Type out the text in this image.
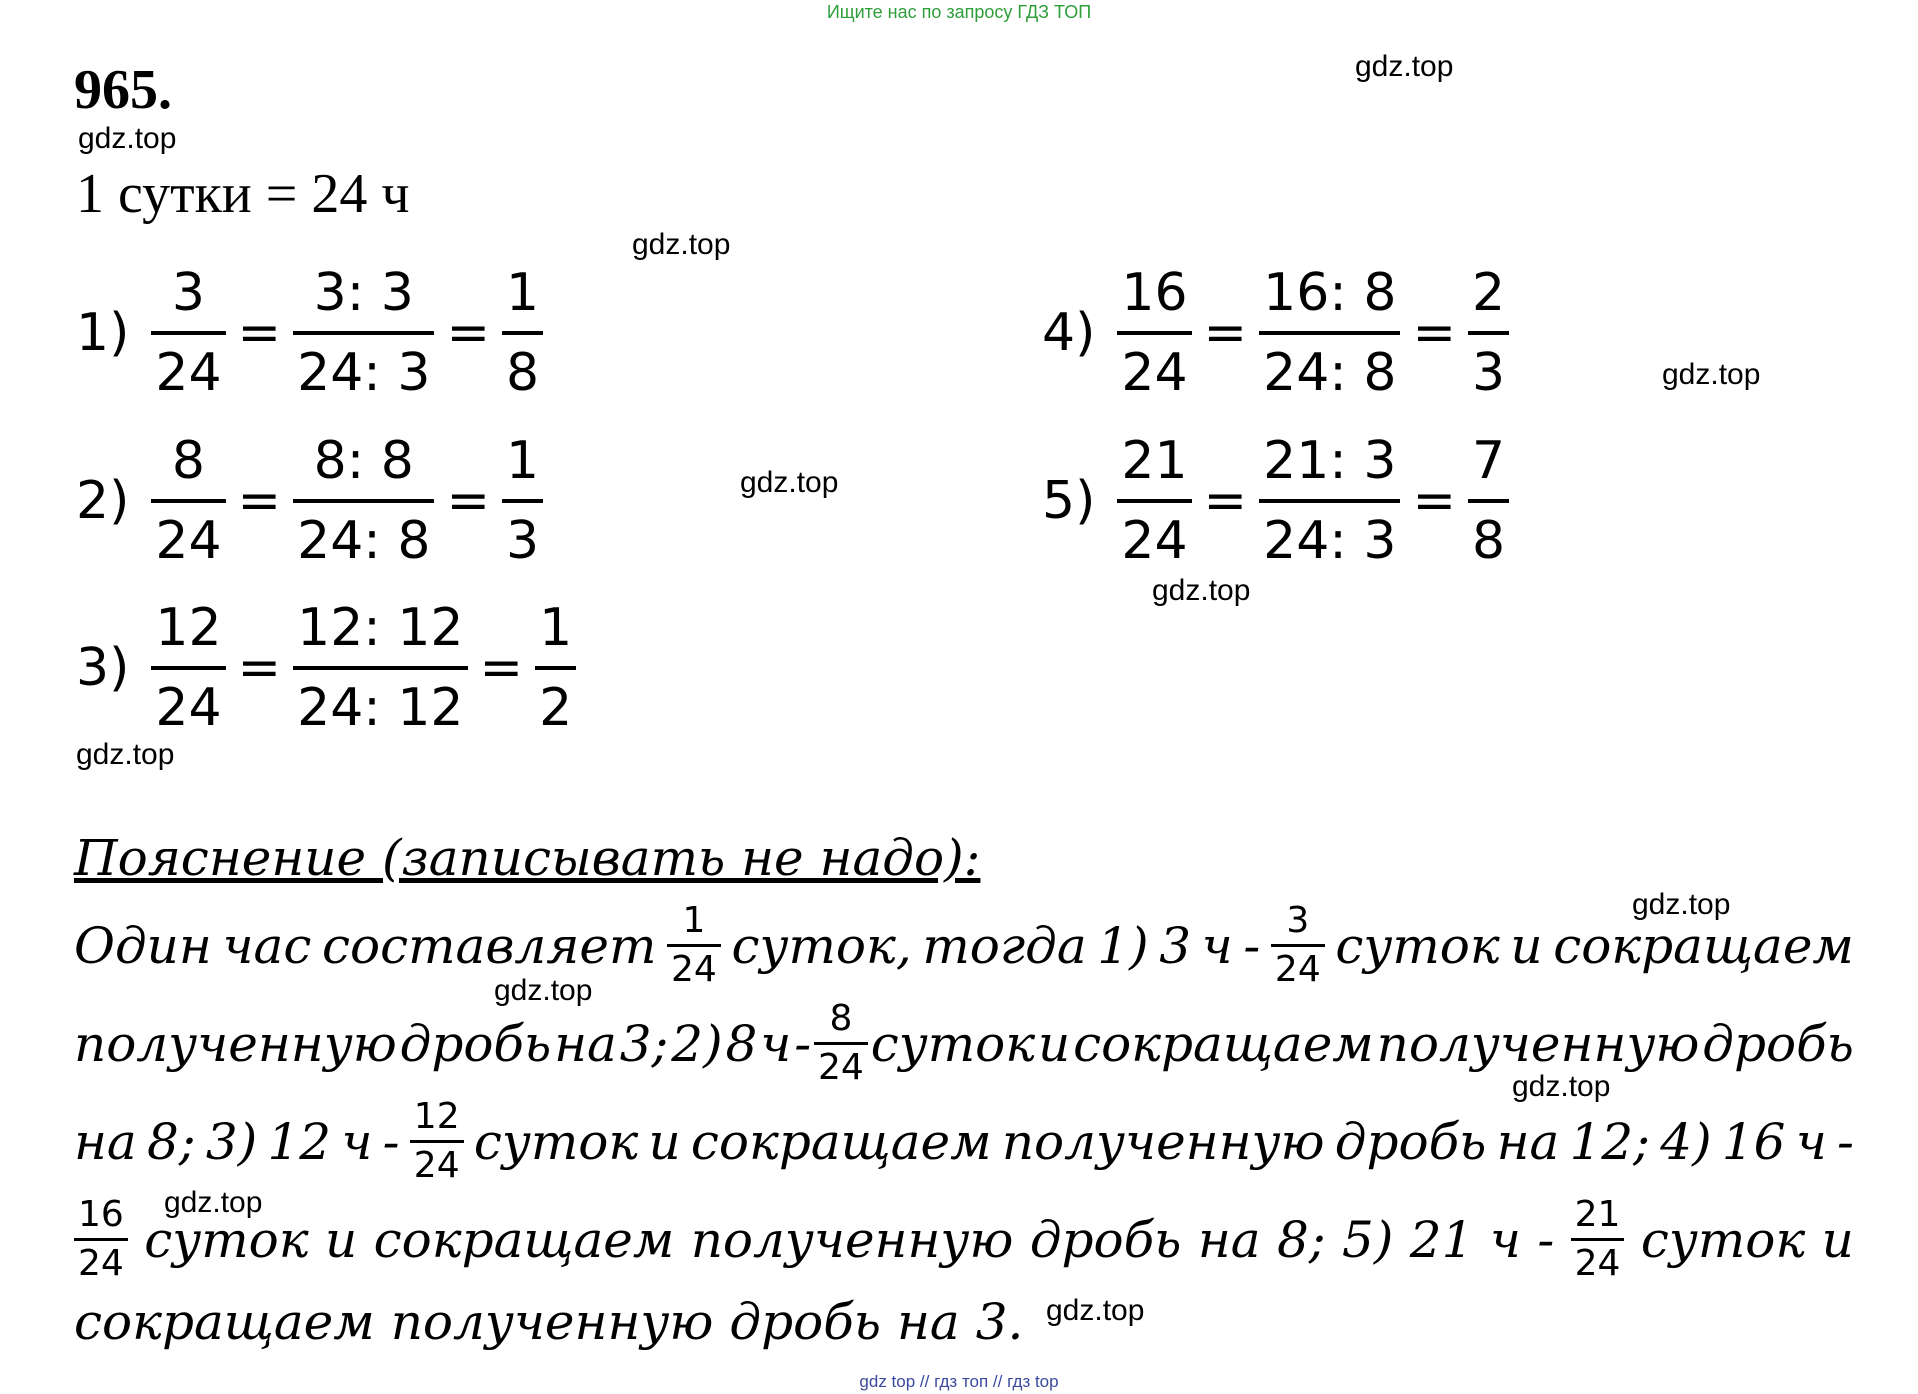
Ищите нас по запросу ГДЗ ТОП
965.	gdz.top
gdz.top
gdz.top
gdz.top
gdz.top
gdz.top
gdz.top
gdz.top
gdz.top
gdz.top
gdz.top
gdz.top
1 сутки = 24 ч
$1) \frac{3}{24} = \frac{3: 3}{24: 3} = \frac{1}{8}$
$2) \frac{8}{24} = \frac{8: 8}{24: 8} = \frac{1}{3}$
$3) \frac{12}{24} = \frac{12: 12}{24: 12} = \frac{1}{2}$
$4) \frac{16}{24} = \frac{16: 8}{24: 8} = \frac{2}{3}$
$5) \frac{21}{24} = \frac{21: 3}{24: 3} = \frac{7}{8}$
Пояснение (записывать не надо):
Один час составляет 1
24 суток, тогда 1) 3 ч - 3
24 суток и сокращаем
полученную дробь на 3; 2) 8 ч - 8
24 суток и сокращаем полученную дробь
на 8; 3) 12 ч - 12
24 суток и сокращаем полученную дробь на 12; 4) 16 ч -
16
24 суток и сокращаем полученную дробь на 8; 5) 21 ч - 21
24 суток и
сокращаем полученную дробь на 3.
gdz top // гдз топ // гдз top
